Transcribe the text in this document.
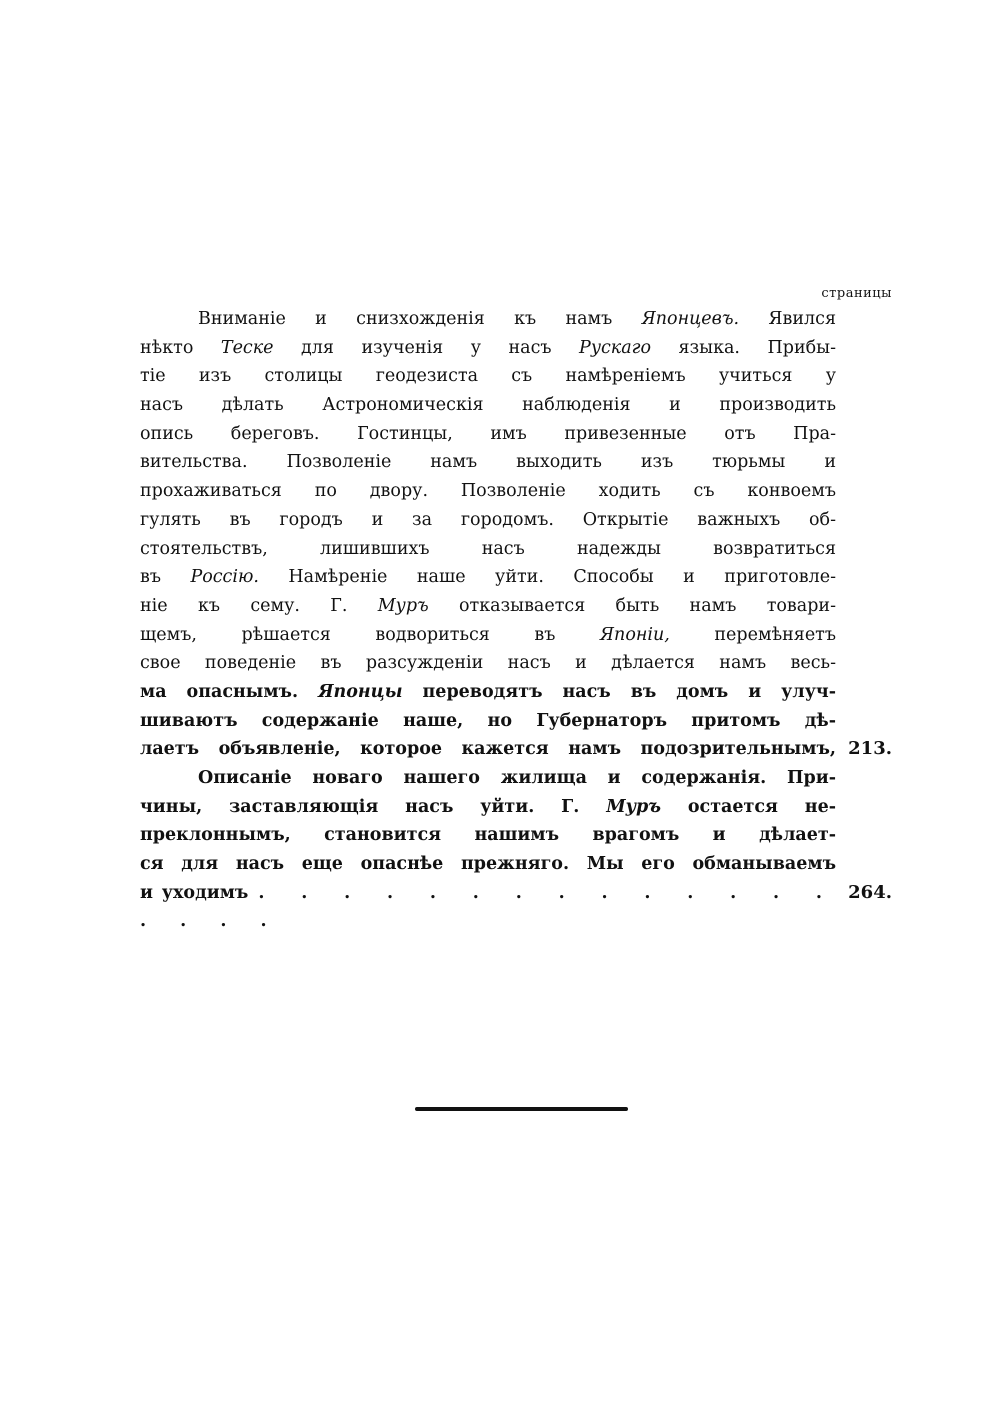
страницы
Вниманіе и снизхожденія къ намъ Японцевъ. Явился
нѣкто Теске для изученія у насъ Рускаго языка. Прибы-
тіе изъ столицы геодезиста съ намѣреніемъ учиться у
насъ дѣлать Астрономическія наблюденія и производить
опись береговъ. Гостинцы, имъ привезенные отъ Пра-
вительства. Позволеніе намъ выходить изъ тюрьмы и
прохаживаться по двору. Позволеніе ходить съ конвоемъ
гулять въ городъ и за городомъ. Открытіе важныхъ об-
стоятельствъ, лишившихъ насъ надежды возвратиться
въ Россію. Намѣреніе наше уйти. Способы и приготовле-
ніе къ сему. Г. Муръ отказывается быть намъ товари-
щемъ, рѣшается водвориться въ Японіи, перемѣняетъ
свое поведеніе въ разсужденіи насъ и дѣлается намъ весь-
ма опаснымъ. Японцы переводятъ насъ въ домъ и улуч-
шиваютъ содержаніе наше, но Губернаторъ притомъ дѣ-
лаетъ объявленіе, которое кажется намъ подозрительнымъ, 213.
Описаніе новаго нашего жилища и содержанія. При-
чины, заставляющія насъ уйти. Г. Муръ остается не-
преклоннымъ, становится нашимъ врагомъ и дѣлает-
ся для насъ еще опаснѣе прежняго. Мы его обманываемъ
и уходимъ . . . . . . . . . . . . . . . . . .
264.
